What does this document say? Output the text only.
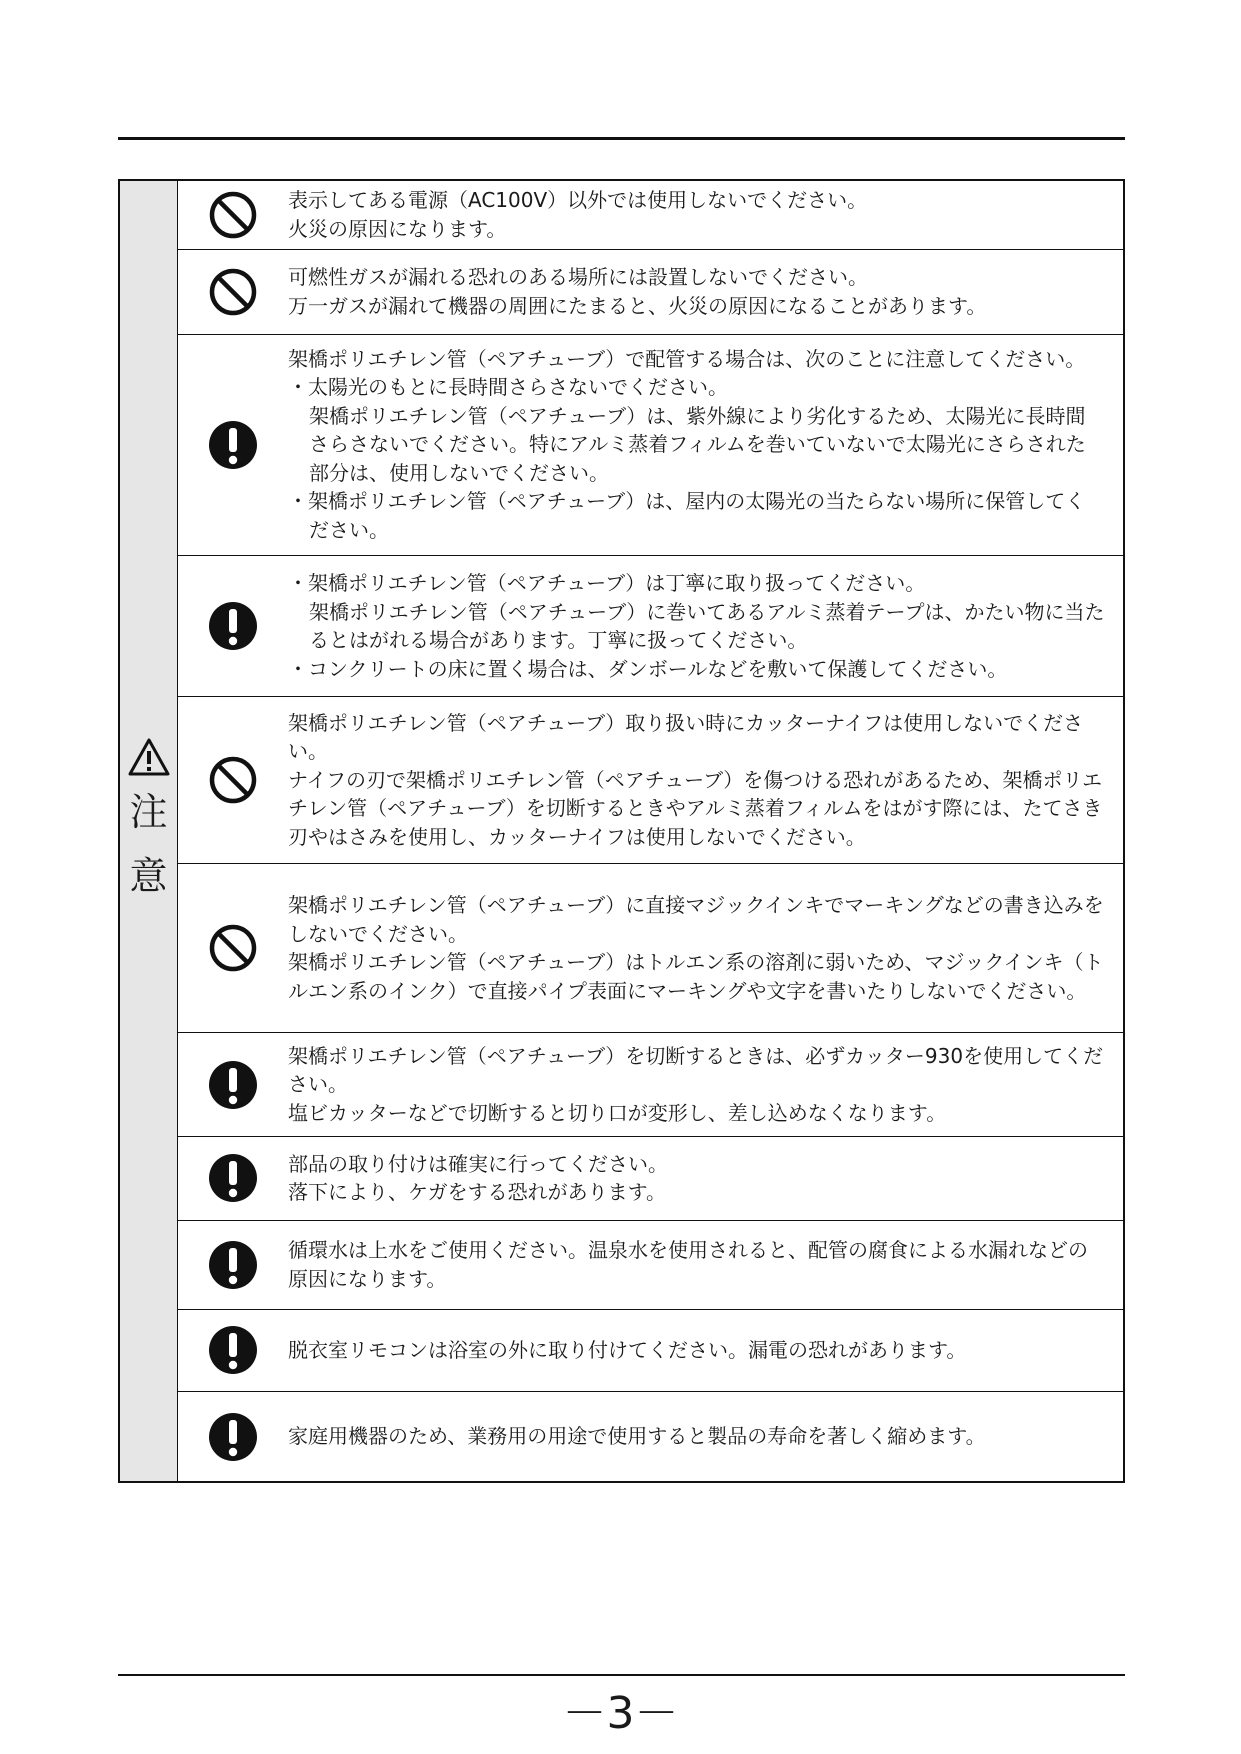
注
意

表示してある電源（AC100V）以外では使用しないでください。

火災の原因になります。

可燃性ガスが漏れる恐れのある場所には設置しないでください。

万一ガスが漏れて機器の周囲にたまると、火災の原因になることがあります。

架橋ポリエチレン管（ペアチューブ）で配管する場合は、次のことに注意してください。

・太陽光のもとに長時間さらさないでください。

架橋ポリエチレン管（ペアチューブ）は、紫外線により劣化するため、太陽光に長時間さらさないでください。特にアルミ蒸着フィルムを巻いていないで太陽光にさらされた部分は、使用しないでください。

・架橋ポリエチレン管（ペアチューブ）は、屋内の太陽光の当たらない場所に保管してください。

・架橋ポリエチレン管（ペアチューブ）は丁寧に取り扱ってください。

架橋ポリエチレン管（ペアチューブ）に巻いてあるアルミ蒸着テープは、かたい物に当たるとはがれる場合があります。丁寧に扱ってください。

・コンクリートの床に置く場合は、ダンボールなどを敷いて保護してください。

架橋ポリエチレン管（ペアチューブ）取り扱い時にカッターナイフは使用しないでください。

ナイフの刃で架橋ポリエチレン管（ペアチューブ）を傷つける恐れがあるため、架橋ポリエチレン管（ペアチューブ）を切断するときやアルミ蒸着フィルムをはがす際には、たてさき刃やはさみを使用し、カッターナイフは使用しないでください。

架橋ポリエチレン管（ペアチューブ）に直接マジックインキでマーキングなどの書き込みをしないでください。

架橋ポリエチレン管（ペアチューブ）はトルエン系の溶剤に弱いため、マジックインキ（トルエン系のインク）で直接パイプ表面にマーキングや文字を書いたりしないでください。

架橋ポリエチレン管（ペアチューブ）を切断するときは、必ずカッター930を使用してください。

塩ビカッターなどで切断すると切り口が変形し、差し込めなくなります。

部品の取り付けは確実に行ってください。

落下により、ケガをする恐れがあります。

循環水は上水をご使用ください。温泉水を使用されると、配管の腐食による水漏れなどの原因になります。

脱衣室リモコンは浴室の外に取り付けてください。漏電の恐れがあります。

家庭用機器のため、業務用の用途で使用すると製品の寿命を著しく縮めます。

－3－
